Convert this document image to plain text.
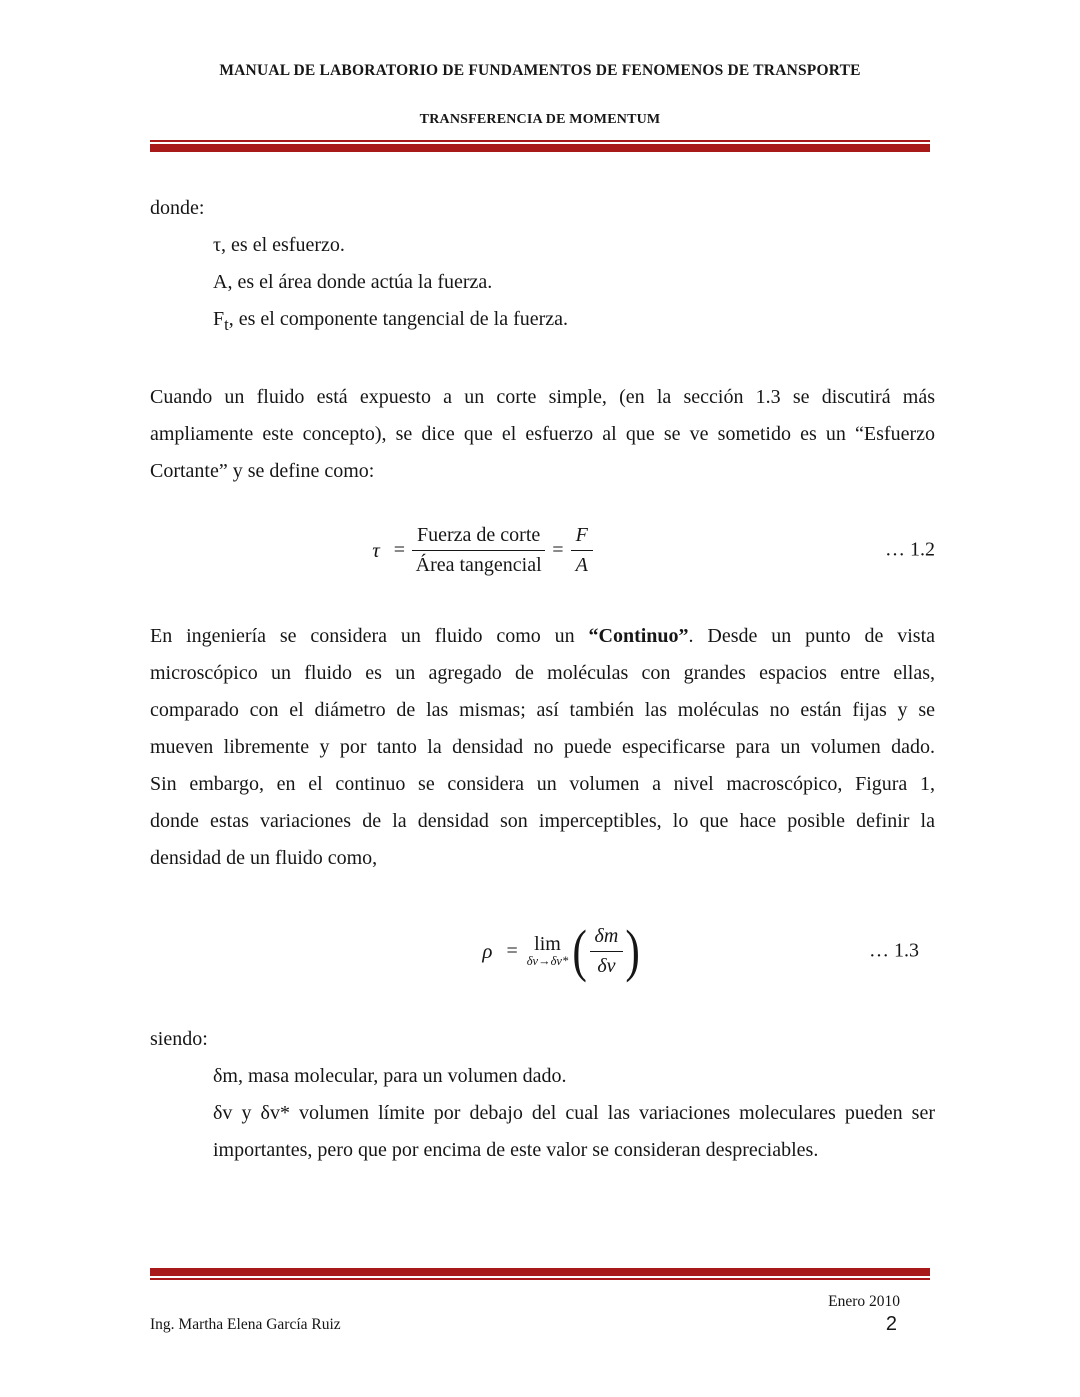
MANUAL DE LABORATORIO DE FUNDAMENTOS DE FENOMENOS DE TRANSPORTE
TRANSFERENCIA DE MOMENTUM
donde:
τ, es el esfuerzo.
A, es el área donde actúa la fuerza.
$F_t$, es el componente tangencial de la fuerza.
Cuando un fluido está expuesto a un corte simple, (en la sección 1.3 se discutirá más
ampliamente este concepto), se dice que el esfuerzo al que se ve sometido es un “Esfuerzo
Cortante” y se define como:
$\tau = \frac{\text{Fuerza de corte}}{\text{Área tangencial}} = \frac{F}{A}$	… 1.2
En ingeniería se considera un fluido como un “Continuo”. Desde un punto de vista
microscópico un fluido es un agregado de moléculas con grandes espacios entre ellas,
comparado con el diámetro de las mismas; así también las moléculas no están fijas y se
mueven libremente y por tanto la densidad no puede especificarse para un volumen dado.
Sin embargo, en el continuo se considera un volumen a nivel macroscópico, Figura 1,
donde estas variaciones de la densidad son imperceptibles, lo que hace posible definir la
densidad de un fluido como,
ρ = lim
δv→δv* ( $\frac{\delta m}{\delta v}$ )	… 1.3
siendo:
δm, masa molecular, para un volumen dado.
δv y δv* volumen límite por debajo del cual las variaciones moleculares pueden ser
importantes, pero que por encima de este valor se consideran despreciables.
Enero 2010
Ing. Martha Elena García Ruiz	2
